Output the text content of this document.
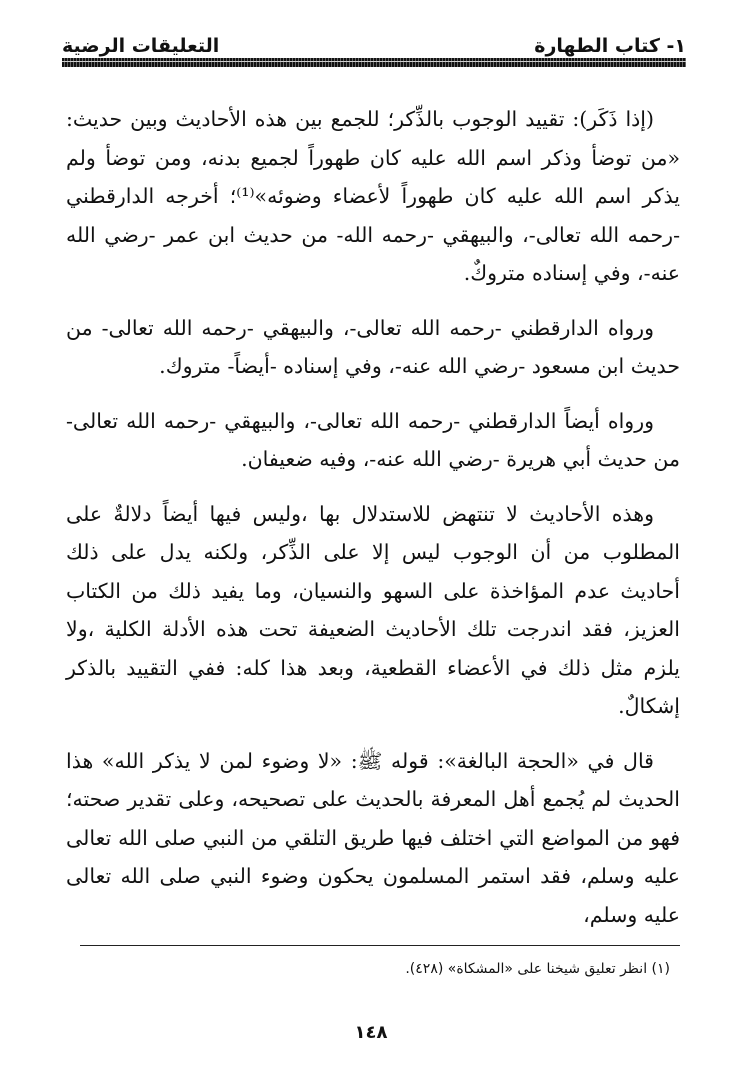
١- كتاب الطهارة
التعليقات الرضية

(إذا ذَكَر): تقييد الوجوب بالذِّكر؛ للجمع بين هذه الأحاديث وبين حديث: «من توضأ وذكر اسم الله عليه كان طهوراً لجميع بدنه، ومن توضأ ولم يذكر اسم الله عليه كان طهوراً لأعضاء وضوئه»⁽¹⁾؛ أخرجه الدارقطني -رحمه الله تعالى-، والبيهقي -رحمه الله- من حديث ابن عمر -رضي الله عنه-، وفي إسناده متروكٌ.

ورواه الدارقطني -رحمه الله تعالى-، والبيهقي -رحمه الله تعالى- من حديث ابن مسعود -رضي الله عنه-، وفي إسناده -أيضاً- متروك.

ورواه أيضاً الدارقطني -رحمه الله تعالى-، والبيهقي -رحمه الله تعالى- من حديث أبي هريرة -رضي الله عنه-، وفيه ضعيفان.

وهذه الأحاديث لا تنتهض للاستدلال بها ،وليس فيها أيضاً دلالةٌ على المطلوب من أن الوجوب ليس إلا على الذِّكر، ولكنه يدل على ذلك أحاديث عدم المؤاخذة على السهو والنسيان، وما يفيد ذلك من الكتاب العزيز، فقد اندرجت تلك الأحاديث الضعيفة تحت هذه الأدلة الكلية ،ولا يلزم مثل ذلك في الأعضاء القطعية، وبعد هذا كله: ففي التقييد بالذكر إشكالٌ.

قال في «الحجة البالغة»: قوله ﷺ: «لا وضوء لمن لا يذكر الله» هذا الحديث لم يُجمع أهل المعرفة بالحديث على تصحيحه، وعلى تقدير صحته؛ فهو من المواضع التي اختلف فيها طريق التلقي من النبي صلى الله تعالى عليه وسلم، فقد استمر المسلمون يحكون وضوء النبي صلى الله تعالى عليه وسلم،

(١) انظر تعليق شيخنا على «المشكاة» (٤٢٨).
١٤٨
